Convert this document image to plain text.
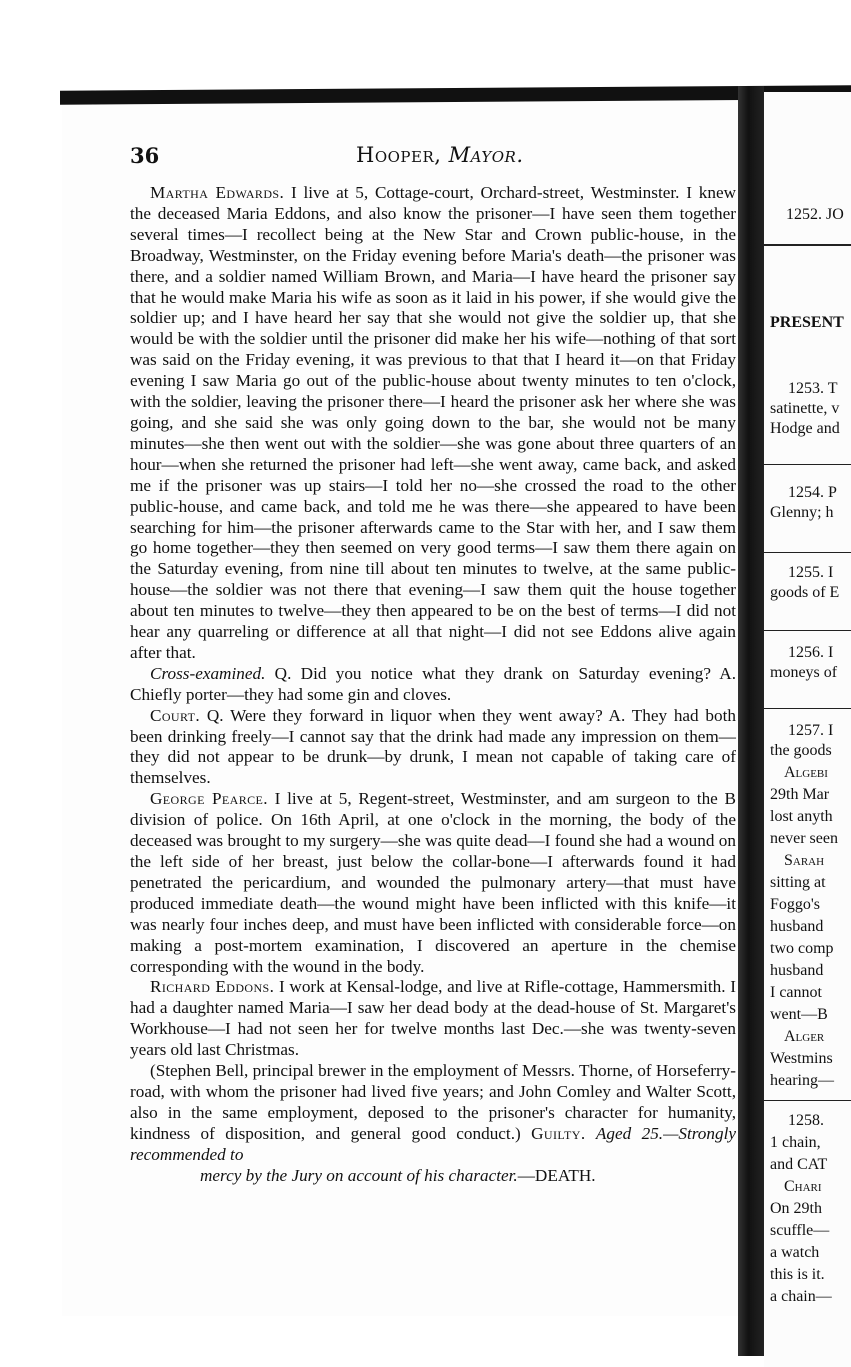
36	Hooper, Mayor.

Martha Edwards. I live at 5, Cottage-court, Orchard-street, Westminster. I knew the deceased Maria Eddons, and also know the prisoner—I have seen them together several times—I recollect being at the New Star and Crown public-house, in the Broadway, Westminster, on the Friday evening before Maria's death—the prisoner was there, and a soldier named William Brown, and Maria—I have heard the prisoner say that he would make Maria his wife as soon as it laid in his power, if she would give the soldier up; and I have heard her say that she would not give the soldier up, that she would be with the soldier until the prisoner did make her his wife—nothing of that sort was said on the Friday evening, it was previous to that that I heard it—on that Friday evening I saw Maria go out of the public-house about twenty minutes to ten o'clock, with the soldier, leaving the prisoner there—I heard the prisoner ask her where she was going, and she said she was only going down to the bar, she would not be many minutes—she then went out with the soldier—she was gone about three quarters of an hour—when she returned the prisoner had left—she went away, came back, and asked me if the prisoner was up stairs—I told her no—she crossed the road to the other public-house, and came back, and told me he was there—she appeared to have been searching for him—the prisoner afterwards came to the Star with her, and I saw them go home together—they then seemed on very good terms—I saw them there again on the Saturday evening, from nine till about ten minutes to twelve, at the same public-house—the soldier was not there that evening—I saw them quit the house together about ten minutes to twelve—they then appeared to be on the best of terms—I did not hear any quarreling or difference at all that night—I did not see Eddons alive again after that.

Cross-examined. Q. Did you notice what they drank on Saturday evening? A. Chiefly porter—they had some gin and cloves.

Court. Q. Were they forward in liquor when they went away? A. They had both been drinking freely—I cannot say that the drink had made any impression on them—they did not appear to be drunk—by drunk, I mean not capable of taking care of themselves.

George Pearce. I live at 5, Regent-street, Westminster, and am surgeon to the B division of police. On 16th April, at one o'clock in the morning, the body of the deceased was brought to my surgery—she was quite dead—I found she had a wound on the left side of her breast, just below the collar-bone—I afterwards found it had penetrated the pericardium, and wounded the pulmonary artery—that must have produced immediate death—the wound might have been inflicted with this knife—it was nearly four inches deep, and must have been inflicted with considerable force—on making a post-mortem examination, I discovered an aperture in the chemise corresponding with the wound in the body.

Richard Eddons. I work at Kensal-lodge, and live at Rifle-cottage, Hammersmith. I had a daughter named Maria—I saw her dead body at the dead-house of St. Margaret's Workhouse—I had not seen her for twelve months last Dec.—she was twenty-seven years old last Christmas.

(Stephen Bell, principal brewer in the employment of Messrs. Thorne, of Horseferry-road, with whom the prisoner had lived five years; and John Comley and Walter Scott, also in the same employment, deposed to the prisoner's character for humanity, kindness of disposition, and general good conduct.) Guilty. Aged 25.—Strongly recommended to

mercy by the Jury on account of his character.—DEATH.
1252. JO
PRESENT
1253. T
satinette, v
Hodge and
1254. P
Glenny; h
1255. I
goods of E
1256. I
moneys of
1257. I
the goods
Algebi
29th Mar
lost anyth
never seen
Sarah
sitting at
Foggo's
husband
two comp
husband
I cannot
went—B
Alger
Westmins
hearing—
1258.
1 chain,
and CAT
Chari
On 29th
scuffle—
a watch
this is it.
a chain—
